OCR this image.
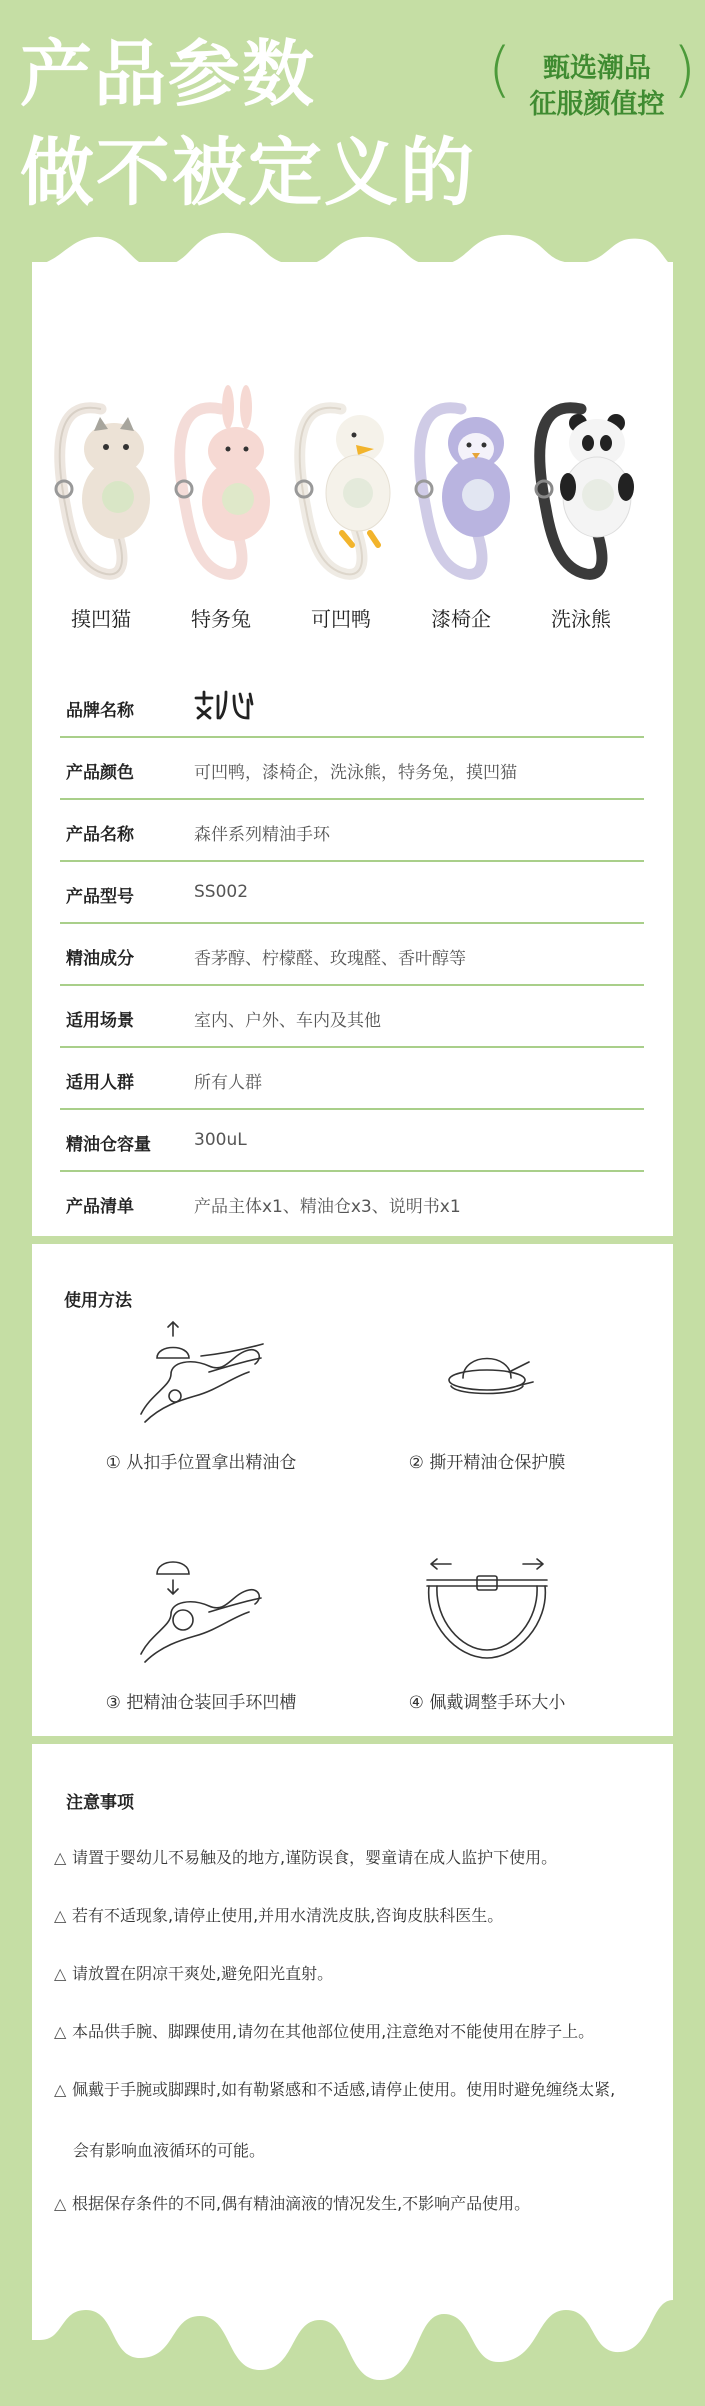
产品参数
做不被定义的
(	甄选潮品
征服颜值控 )
摸凹猫	特务兔	可凹鸭	漆椅企	洗泳熊
品牌名称
产品颜色	可凹鸭，漆椅企，洗泳熊，特务兔，摸凹猫
产品名称	森伴系列精油手环
产品型号	SS002
精油成分	香茅醇、柠檬醛、玫瑰醛、香叶醇等
适用场景	室内、户外、车内及其他
适用人群	所有人群
精油仓容量	300uL
产品清单	产品主体x1、精油仓x3、说明书x1
使用方法
① 从扣手位置拿出精油仓	② 撕开精油仓保护膜
③ 把精油仓装回手环凹槽	④ 佩戴调整手环大小
注意事项
△ 请置于婴幼儿不易触及的地方,谨防误食，婴童请在成人监护下使用。
△ 若有不适现象,请停止使用,并用水清洗皮肤,咨询皮肤科医生。
△ 请放置在阴凉干爽处,避免阳光直射。
△ 本品供手腕、脚踝使用,请勿在其他部位使用,注意绝对不能使用在脖子上。
△ 佩戴于手腕或脚踝时,如有勒紧感和不适感,请停止使用。使用时避免缠绕太紧,
会有影响血液循环的可能。
△ 根据保存条件的不同,偶有精油滴液的情况发生,不影响产品使用。
